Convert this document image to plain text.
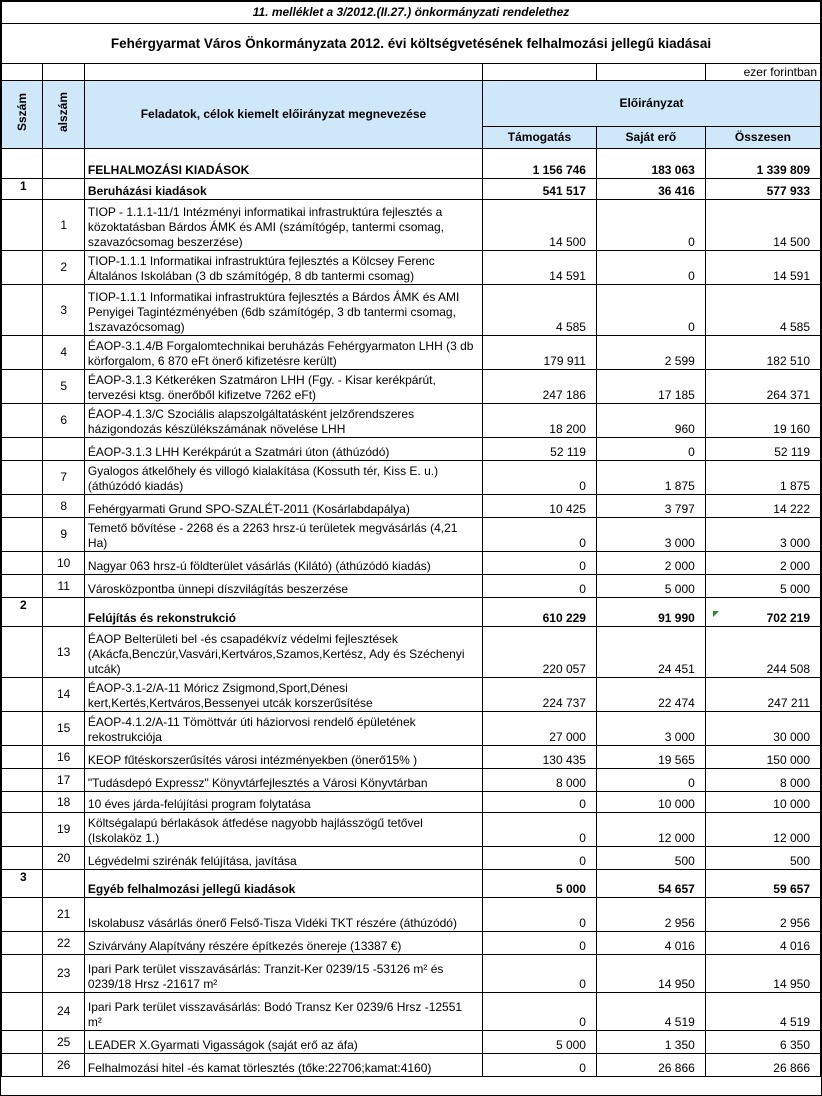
11. melléklet a 3/2012.(II.27.) önkormányzati rendelethez					
Fehérgyarmat Város Önkormányzata 2012. évi költségvetésének felhalmozási jellegű kiadásai					
					ezer forintban
Sszám	alszám	Feladatok, célok kiemelt előirányzat megnevezése	Előirányzat		
			Támogatás	Saját erő	Összesen
		FELHALMOZÁSI KIADÁSOK	1 156 746	183 063	1 339 809
1		Beruházási kiadások	541 517	36 416	577 933
	1	TIOP - 1.1.1-11/1 Intézményi informatikai infrastruktúra fejlesztés a közoktatásban Bárdos ÁMK és AMI (számítógép, tantermi csomag, szavazócsomag beszerzése)	14 500	0	14 500
	2	TIOP-1.1.1 Informatikai infrastruktúra fejlesztés a Kölcsey Ferenc Általános Iskolában (3 db számítógép, 8 db tantermi csomag)	14 591	0	14 591
	3	TIOP-1.1.1 Informatikai infrastruktúra fejlesztés a Bárdos ÁMK és AMI Penyigei Tagintézményében (6db számítógép, 3 db tantermi csomag, 1szavazócsomag)	4 585	0	4 585
	4	ÉAOP-3.1.4/B Forgalomtechnikai beruházás Fehérgyarmaton LHH (3 db körforgalom, 6 870 eFt önerő kifizetésre került)	179 911	2 599	182 510
	5	ÉAOP-3.1.3 Kétkeréken Szatmáron LHH (Fgy. - Kisar kerékpárút, tervezési ktsg. önerőből kifizetve 7262 eFt)	247 186	17 185	264 371
	6	ÉAOP-4.1.3/C Szociális alapszolgáltatásként jelzőrendszeres házigondozás készülékszámának növelése LHH	18 200	960	19 160
		ÉAOP-3.1.3 LHH Kerékpárút a Szatmári úton (áthúzódó)	52 119	0	52 119
	7	Gyalogos átkelőhely és villogó kialakítása (Kossuth tér, Kiss E. u.) (áthúzódó kiadás)	0	1 875	1 875
	8	Fehérgyarmati Grund SPO-SZALÉT-2011 (Kosárlabdapálya)	10 425	3 797	14 222
	9	Temető bővítése - 2268 és a 2263 hrsz-ú területek megvásárlás (4,21 Ha)	0	3 000	3 000
	10	Nagyar 063 hrsz-ú földterület vásárlás (Kilátó) (áthúzódó kiadás)	0	2 000	2 000
	11	Városközpontba ünnepi díszvilágítás beszerzése	0	5 000	5 000
2		Felújítás és rekonstrukció	610 229	91 990	702 219
	13	ÉAOP Belterületi bel -és csapadékvíz védelmi fejlesztések (Akácfa,Benczúr,Vasvári,Kertváros,Szamos,Kertész, Ady és Széchenyi utcák)	220 057	24 451	244 508
	14	ÉAOP-3.1-2/A-11 Móricz Zsigmond,Sport,Dénesi kert,Kertés,Kertváros,Bessenyei utcák korszerűsítése	224 737	22 474	247 211
	15	ÉAOP-4.1.2/A-11 Tömöttvár úti háziorvosi rendelő épületének rekostrukciója	27 000	3 000	30 000
	16	KEOP fűtéskorszerűsítés városi intézményekben (önerő15% )	130 435	19 565	150 000
	17	"Tudásdepó Expressz" Könyvtárfejlesztés a Városi Könyvtárban	8 000	0	8 000
	18	10 éves járda-felújítási program folytatása	0	10 000	10 000
	19	Költségalapú bérlakások átfedése nagyobb hajlásszögű tetővel (Iskolaköz 1.)	0	12 000	12 000
	20	Légvédelmi szirénák felújítása, javítása	0	500	500
3		Egyéb felhalmozási jellegű kiadások	5 000	54 657	59 657
	21	Iskolabusz vásárlás önerő Felső-Tisza Vidéki TKT részére (áthúzódó)	0	2 956	2 956
	22	Szivárvány Alapítvány részére építkezés önereje (13387 €)	0	4 016	4 016
	23	Ipari Park terület visszavásárlás: Tranzit-Ker 0239/15 -53126 m² és 0239/18 Hrsz -21617 m²	0	14 950	14 950
	24	Ipari Park terület visszavásárlás: Bodó Transz Ker 0239/6 Hrsz -12551 m²	0	4 519	4 519
	25	LEADER X.Gyarmati Vigasságok (saját erő az áfa)	5 000	1 350	6 350
	26	Felhalmozási hitel -és kamat törlesztés (tőke:22706;kamat:4160)	0	26 866	26 866
